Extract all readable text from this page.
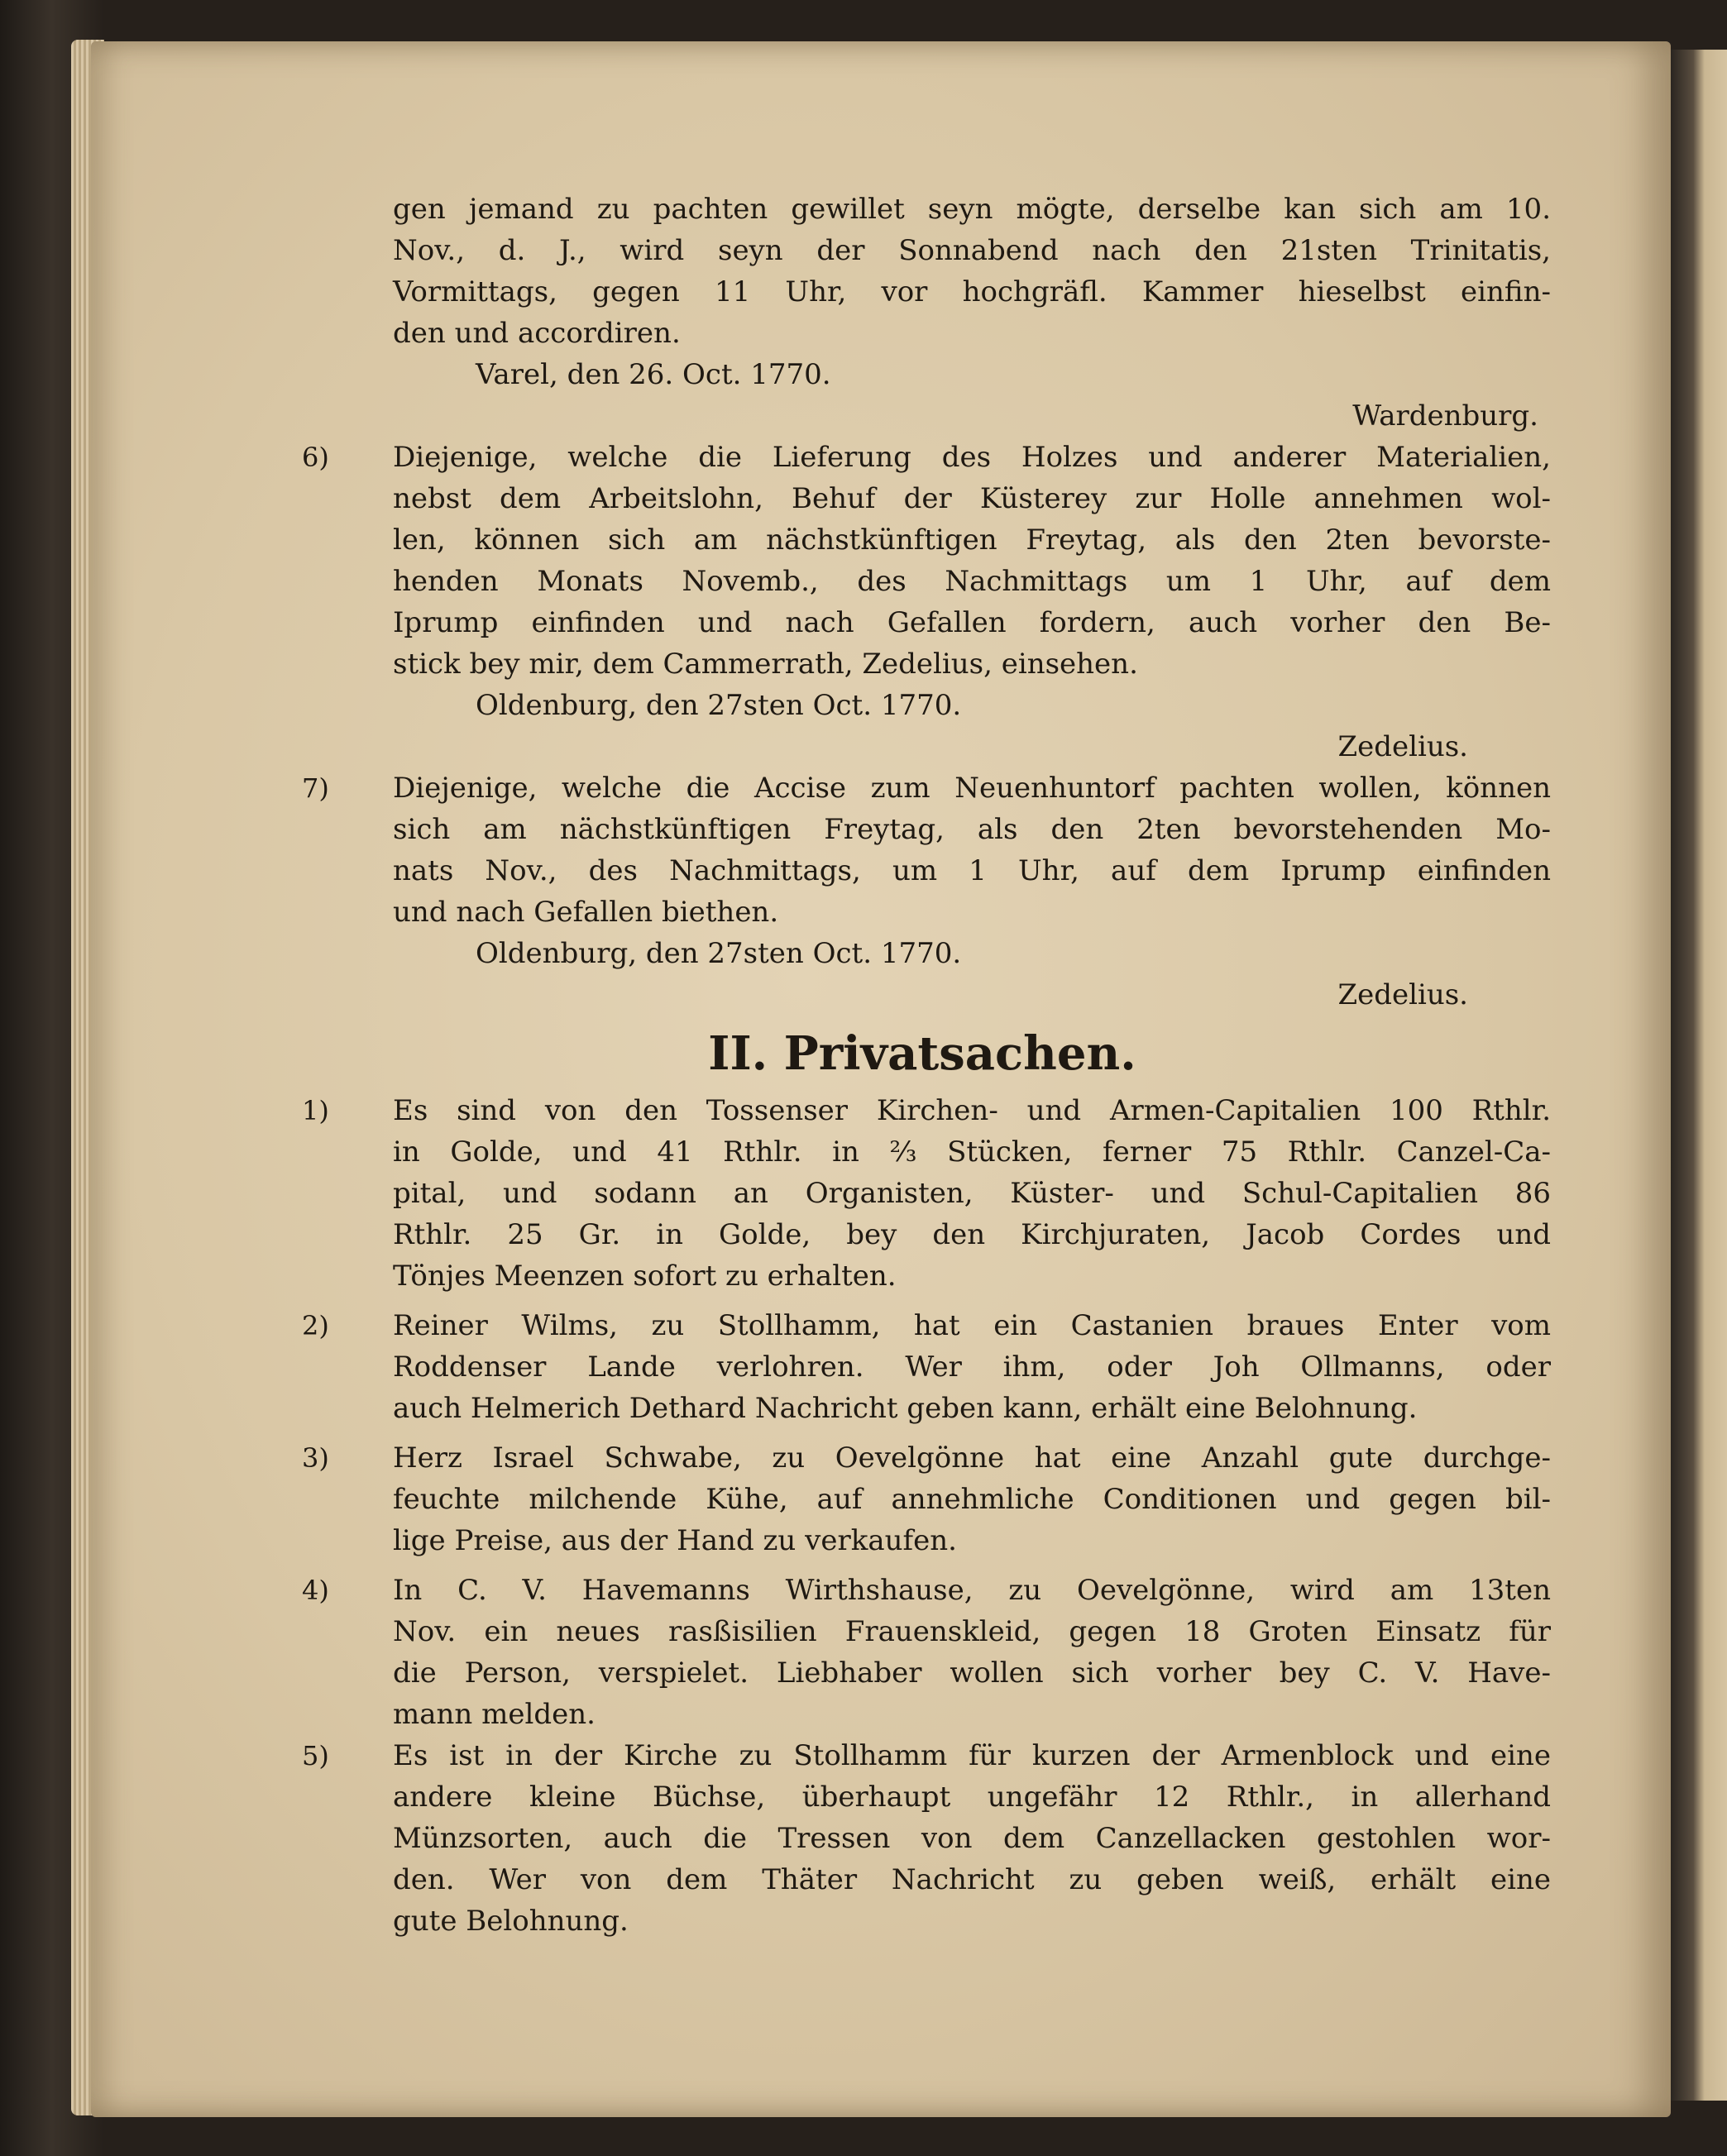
gen jemand zu pachten gewillet seyn mögte, derselbe kan sich am 10.
Nov., d. J., wird seyn der Sonnabend nach den 21sten Trinitatis,
Vormittags, gegen 11 Uhr, vor hochgräfl. Kammer hieselbst einfin-
den und accordiren.
Varel, den 26. Oct. 1770.
Wardenburg.
6)	Diejenige, welche die Lieferung des Holzes und anderer Materialien,
nebst dem Arbeitslohn, Behuf der Küsterey zur Holle annehmen wol-
len, können sich am nächstkünftigen Freytag, als den 2ten bevorste-
henden Monats Novemb., des Nachmittags um 1 Uhr, auf dem
Iprump einfinden und nach Gefallen fordern, auch vorher den Be-
stick bey mir, dem Cammerrath, Zedelius, einsehen.
Oldenburg, den 27sten Oct. 1770.
Zedelius.
7)	Diejenige, welche die Accise zum Neuenhuntorf pachten wollen, können
sich am nächstkünftigen Freytag, als den 2ten bevorstehenden Mo-
nats Nov., des Nachmittags, um 1 Uhr, auf dem Iprump einfinden
und nach Gefallen biethen.
Oldenburg, den 27sten Oct. 1770.
Zedelius.
II. Privatsachen.
1)	Es sind von den Tossenser Kirchen- und Armen-Capitalien 100 Rthlr.
in Golde, und 41 Rthlr. in ⅔ Stücken, ferner 75 Rthlr. Canzel-Ca-
pital, und sodann an Organisten, Küster- und Schul-Capitalien 86
Rthlr. 25 Gr. in Golde, bey den Kirchjuraten, Jacob Cordes und
Tönjes Meenzen sofort zu erhalten.
2)	Reiner Wilms, zu Stollhamm, hat ein Castanien braues Enter vom
Roddenser Lande verlohren. Wer ihm, oder Joh Ollmanns, oder
auch Helmerich Dethard Nachricht geben kann, erhält eine Belohnung.
3)	Herz Israel Schwabe, zu Oevelgönne hat eine Anzahl gute durchge-
feuchte milchende Kühe, auf annehmliche Conditionen und gegen bil-
lige Preise, aus der Hand zu verkaufen.
4)	In C. V. Havemanns Wirthshause, zu Oevelgönne, wird am 13ten
Nov. ein neues rasßisilien Frauenskleid, gegen 18 Groten Einsatz für
die Person, verspielet. Liebhaber wollen sich vorher bey C. V. Have-
mann melden.
5)	Es ist in der Kirche zu Stollhamm für kurzen der Armenblock und eine
andere kleine Büchse, überhaupt ungefähr 12 Rthlr., in allerhand
Münzsorten, auch die Tressen von dem Canzellacken gestohlen wor-
den. Wer von dem Thäter Nachricht zu geben weiß, erhält eine
gute Belohnung.
